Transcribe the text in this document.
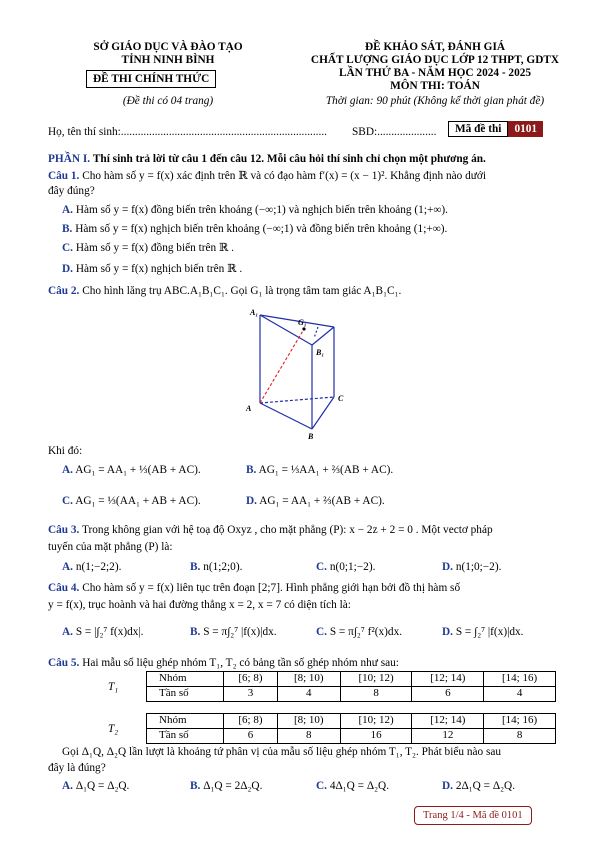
SỞ GIÁO DỤC VÀ ĐÀO TẠO
TỈNH NINH BÌNH
ĐỀ THI CHÍNH THỨC
(Đề thi có 04 trang)
ĐỀ KHẢO SÁT, ĐÁNH GIÁ
CHẤT LƯỢNG GIÁO DỤC LỚP 12 THPT, GDTX
LẦN THỨ BA - NĂM HỌC 2024 - 2025
MÔN THI: TOÁN
Thời gian: 90 phút (Không kể thời gian phát đề)
Họ, tên thí sinh:......................................................................... SBD:.....................	Mã đề thi 0101
PHẦN I. Thí sinh trả lời từ câu 1 đến câu 12. Mỗi câu hỏi thí sinh chỉ chọn một phương án.
Câu 1. Cho hàm số y = f(x) xác định trên ℝ và có đạo hàm f′(x) = (x − 1)². Khẳng định nào dưới
đây đúng?
A. Hàm số y = f(x) đồng biến trên khoảng (−∞;1) và nghịch biến trên khoảng (1;+∞).
B. Hàm số y = f(x) nghịch biến trên khoảng (−∞;1) và đồng biến trên khoảng (1;+∞).
C. Hàm số y = f(x) đồng biến trên ℝ .
D. Hàm số y = f(x) nghịch biến trên ℝ .
Câu 2. Cho hình lăng trụ ABC.A₁B₁C₁. Gọi G₁ là trọng tâm tam giác A₁B₁C₁.
A₁
G₁
B₁
A
B
C
Khi đó:
A. AG₁ = AA₁ + ⅓(AB + AC).	B. AG₁ = ⅓AA₁ + ⅔(AB + AC).
C. AG₁ = ⅓(AA₁ + AB + AC).	D. AG₁ = AA₁ + ⅔(AB + AC).
Câu 3. Trong không gian với hệ toạ độ Oxyz , cho mặt phẳng (P): x − 2z + 2 = 0 . Một vectơ pháp
tuyến của mặt phẳng (P) là:
A. n(1;−2;2).	B. n(1;2;0).	C. n(0;1;−2).	D. n(1;0;−2).
Câu 4. Cho hàm số y = f(x) liên tục trên đoạn [2;7]. Hình phẳng giới hạn bởi đồ thị hàm số
y = f(x), trục hoành và hai đường thẳng x = 2, x = 7 có diện tích là:
A. S = |∫₂⁷ f(x)dx|.	B. S = π∫₂⁷ |f(x)|dx.	C. S = π∫₂⁷ f²(x)dx.	D. S = ∫₂⁷ |f(x)|dx.
Câu 5. Hai mẫu số liệu ghép nhóm T₁, T₂ có bảng tần số ghép nhóm như sau:
T₁
Nhóm	[6; 8)	[8; 10)	[10; 12)	[12; 14)	[14; 16)
Tần số	3	4	8	6	4
T₂
Nhóm	[6; 8)	[8; 10)	[10; 12)	[12; 14)	[14; 16)
Tần số	6	8	16	12	8
Gọi Δ₁Q, Δ₂Q lần lượt là khoảng tứ phân vị của mẫu số liệu ghép nhóm T₁, T₂. Phát biểu nào sau
đây là đúng?
A. Δ₁Q = Δ₂Q.	B. Δ₁Q = 2Δ₂Q.	C. 4Δ₁Q = Δ₂Q.	D. 2Δ₁Q = Δ₂Q.
Trang 1/4 - Mã đề 0101
